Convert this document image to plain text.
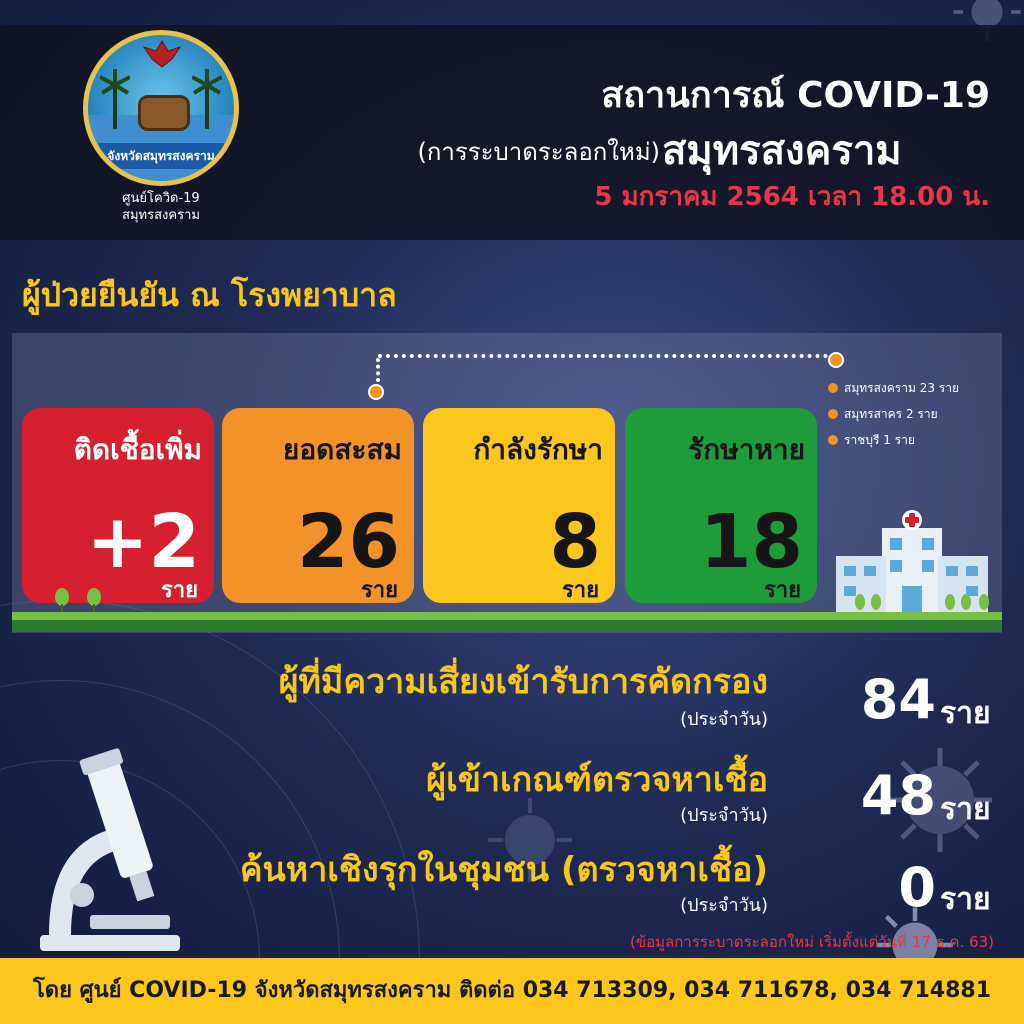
จังหวัดสมุทรสงคราม
ศูนย์โควิด-19
สมุทรสงคราม
สถานการณ์ COVID-19
(การระบาดระลอกใหม่) สมุทรสงคราม
5 มกราคม 2564 เวลา 18.00 น.
ผู้ป่วยยืนยัน ณ โรงพยาบาล
สมุทรสงคราม 23 ราย
สมุทรสาคร 2 ราย
ราชบุรี 1 ราย
ติดเชื้อเพิ่ม
+2
ราย
ยอดสะสม
26
ราย
กำลังรักษา
8
ราย
รักษาหาย
18
ราย
ผู้ที่มีความเสี่ยงเข้ารับการคัดกรอง
(ประจำวัน)	84 ราย
ผู้เข้าเกณฑ์ตรวจหาเชื้อ
(ประจำวัน)	48 ราย
ค้นหาเชิงรุกในชุมชน (ตรวจหาเชื้อ)
(ประจำวัน)	0 ราย
(ข้อมูลการระบาดระลอกใหม่ เริ่มตั้งแต่วันที่ 17 ธ.ค. 63)
โดย ศูนย์ COVID-19 จังหวัดสมุทรสงคราม ติดต่อ 034 713309, 034 711678, 034 714881
